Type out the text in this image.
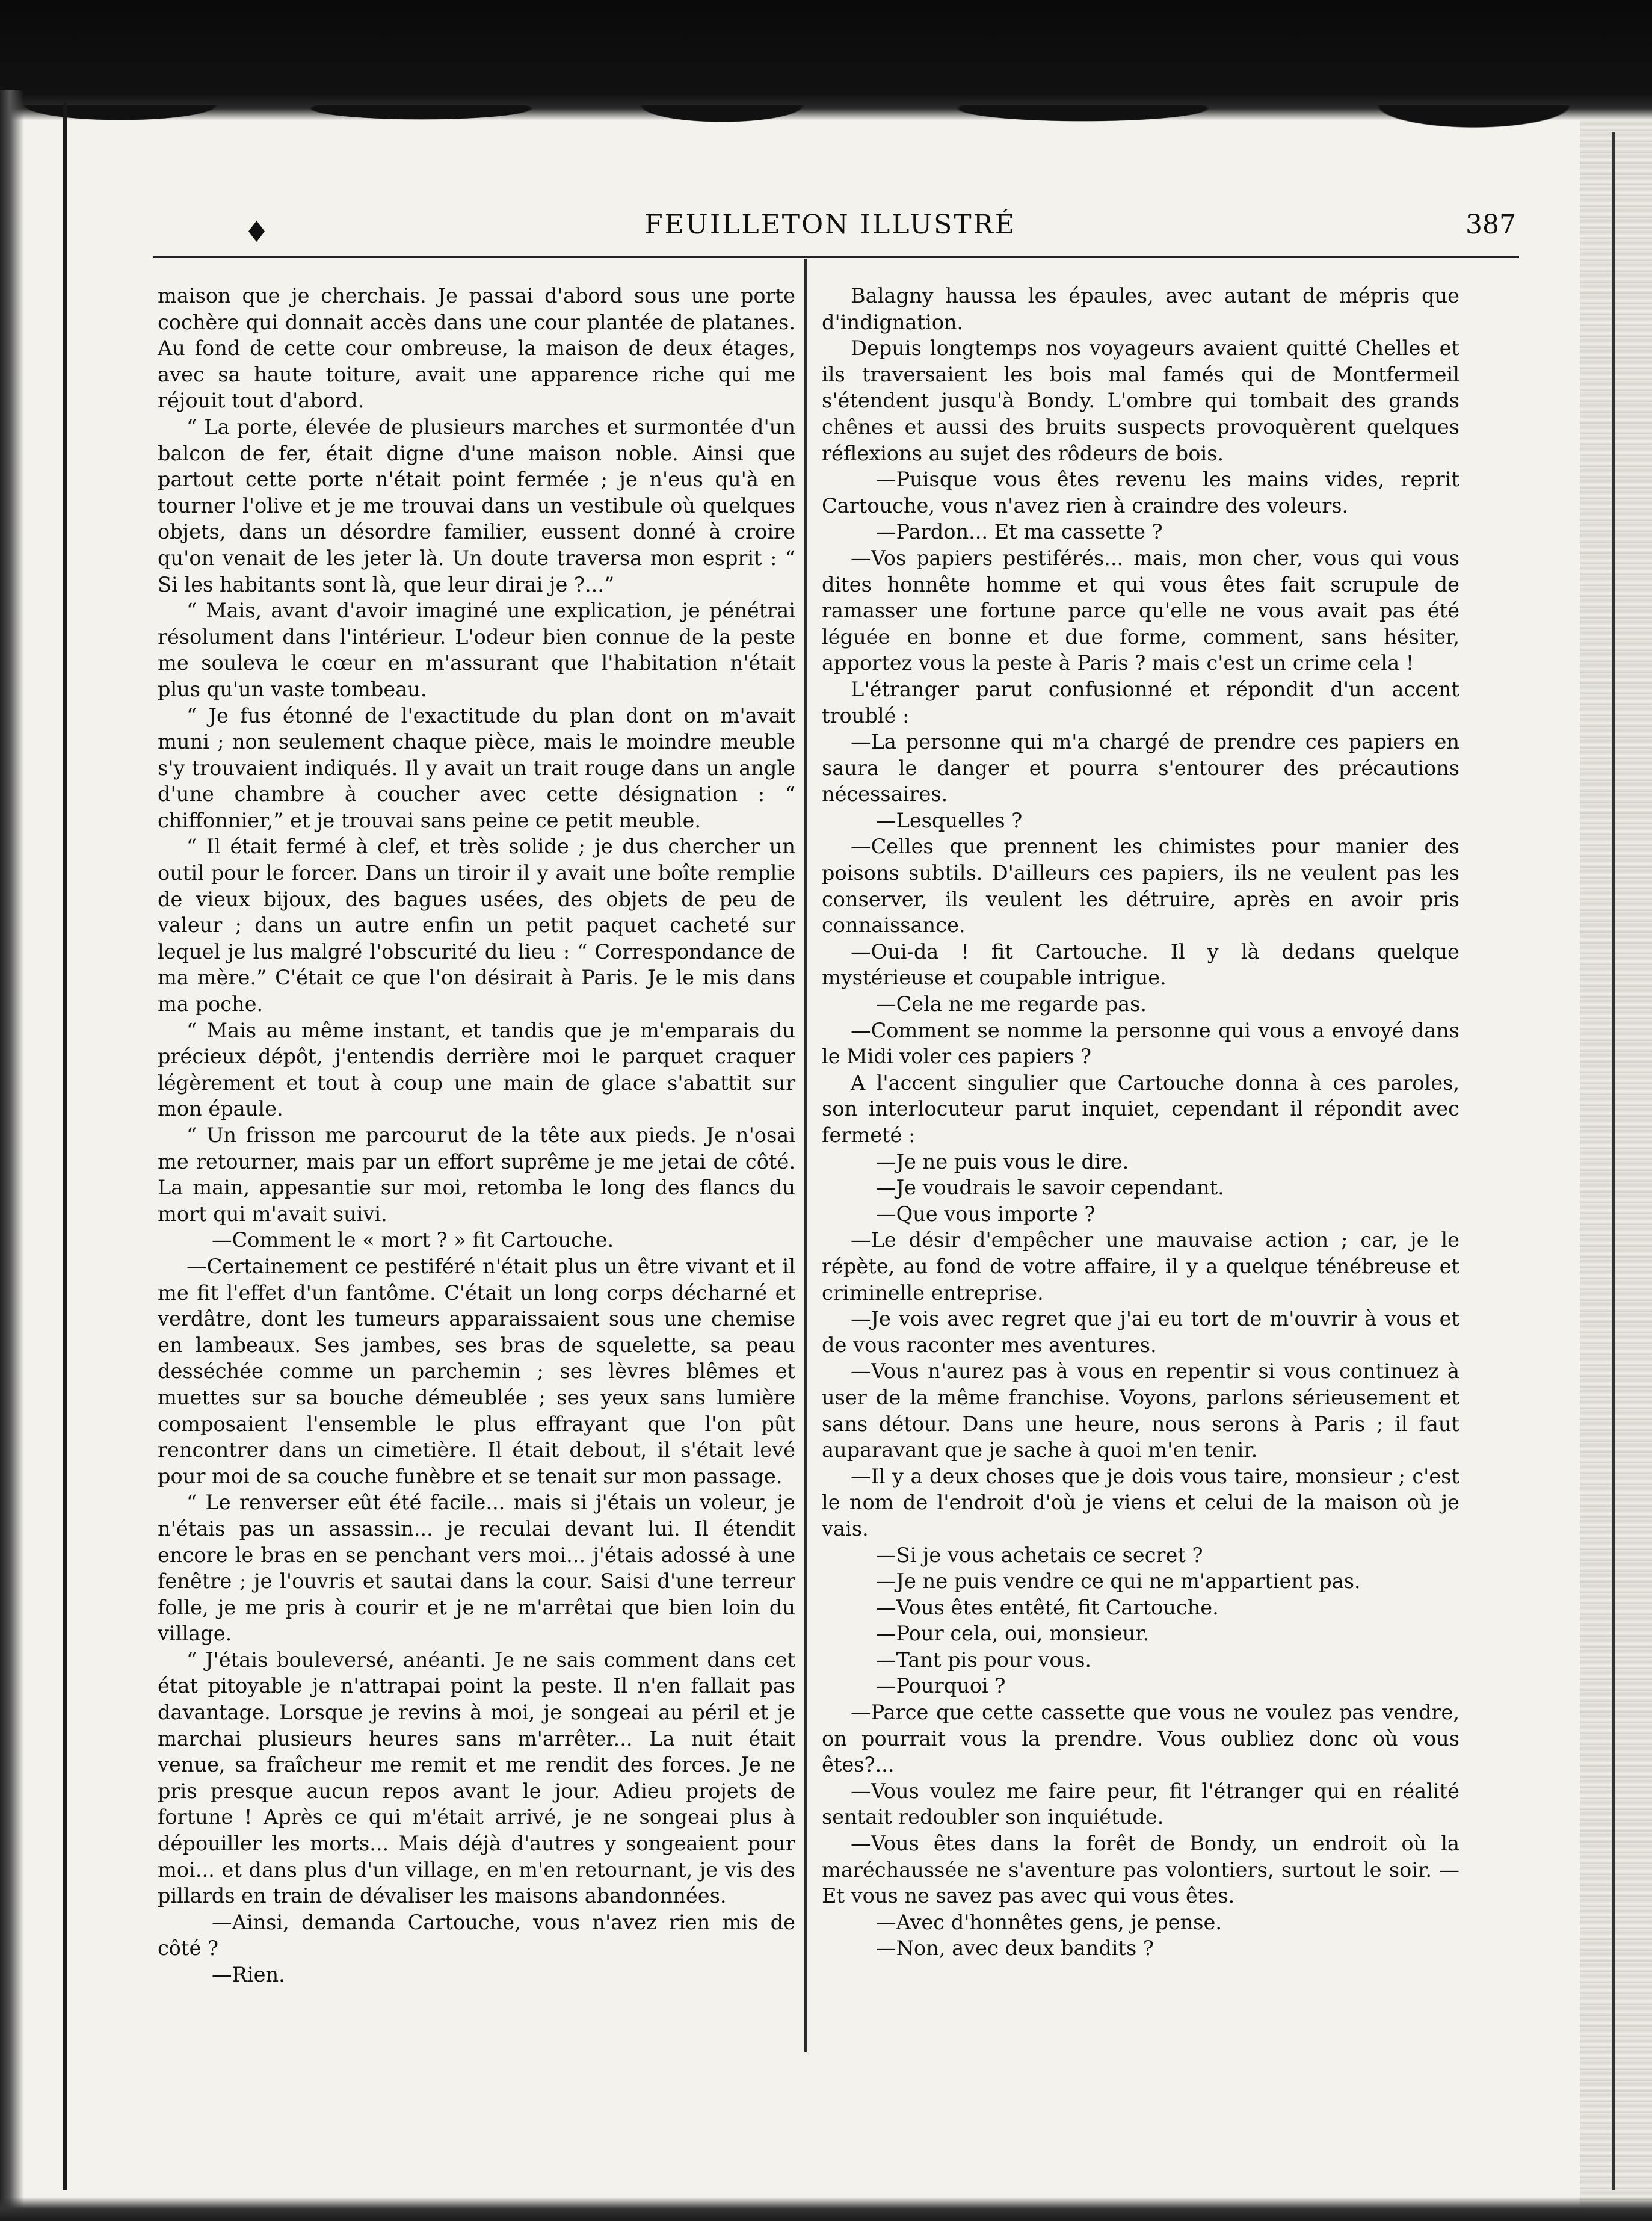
♦	FEUILLETON ILLUSTRÉ	387

maison que je cherchais. Je passai d'abord sous une porte cochère qui donnait accès dans une cour plantée de platanes. Au fond de cette cour ombreuse, la maison de deux étages, avec sa haute toiture, avait une apparence riche qui me réjouit tout d'abord.

“ La porte, élevée de plusieurs marches et surmontée d'un balcon de fer, était digne d'une maison noble. Ainsi que partout cette porte n'était point fermée ; je n'eus qu'à en tourner l'olive et je me trouvai dans un vestibule où quelques objets, dans un désordre familier, eussent donné à croire qu'on venait de les jeter là. Un doute traversa mon esprit : “ Si les habitants sont là, que leur dirai je ?...”

“ Mais, avant d'avoir imaginé une explication, je pénétrai résolument dans l'intérieur. L'odeur bien connue de la peste me souleva le cœur en m'assurant que l'habitation n'était plus qu'un vaste tombeau.

“ Je fus étonné de l'exactitude du plan dont on m'avait muni ; non seulement chaque pièce, mais le moindre meuble s'y trouvaient indiqués. Il y avait un trait rouge dans un angle d'une chambre à coucher avec cette désignation : “ chiffonnier,” et je trouvai sans peine ce petit meuble.

“ Il était fermé à clef, et très solide ; je dus chercher un outil pour le forcer. Dans un tiroir il y avait une boîte remplie de vieux bijoux, des bagues usées, des objets de peu de valeur ; dans un autre enfin un petit paquet cacheté sur lequel je lus malgré l'obscurité du lieu : “ Correspondance de ma mère.” C'était ce que l'on désirait à Paris. Je le mis dans ma poche.

“ Mais au même instant, et tandis que je m'emparais du précieux dépôt, j'entendis derrière moi le parquet craquer légèrement et tout à coup une main de glace s'abattit sur mon épaule.

“ Un frisson me parcourut de la tête aux pieds. Je n'osai me retourner, mais par un effort suprême je me jetai de côté. La main, appesantie sur moi, retomba le long des flancs du mort qui m'avait suivi.

—Comment le « mort ? » fit Cartouche.

—Certainement ce pestiféré n'était plus un être vivant et il me fit l'effet d'un fantôme. C'était un long corps décharné et verdâtre, dont les tumeurs apparaissaient sous une chemise en lambeaux. Ses jambes, ses bras de squelette, sa peau desséchée comme un parchemin ; ses lèvres blêmes et muettes sur sa bouche démeublée ; ses yeux sans lumière composaient l'ensemble le plus effrayant que l'on pût rencontrer dans un cimetière. Il était debout, il s'était levé pour moi de sa couche funèbre et se tenait sur mon passage.

“ Le renverser eût été facile... mais si j'étais un voleur, je n'étais pas un assassin... je reculai devant lui. Il étendit encore le bras en se penchant vers moi... j'étais adossé à une fenêtre ; je l'ouvris et sautai dans la cour. Saisi d'une terreur folle, je me pris à courir et je ne m'arrêtai que bien loin du village.

“ J'étais bouleversé, anéanti. Je ne sais comment dans cet état pitoyable je n'attrapai point la peste. Il n'en fallait pas davantage. Lorsque je revins à moi, je songeai au péril et je marchai plusieurs heures sans m'arrêter... La nuit était venue, sa fraîcheur me remit et me rendit des forces. Je ne pris presque aucun repos avant le jour. Adieu projets de fortune ! Après ce qui m'était arrivé, je ne songeai plus à dépouiller les morts... Mais déjà d'autres y songeaient pour moi... et dans plus d'un village, en m'en retournant, je vis des pillards en train de dévaliser les maisons abandonnées.

—Ainsi, demanda Cartouche, vous n'avez rien mis de côté ?

—Rien.

Balagny haussa les épaules, avec autant de mépris que d'indignation.

Depuis longtemps nos voyageurs avaient quitté Chelles et ils traversaient les bois mal famés qui de Montfermeil s'étendent jusqu'à Bondy. L'ombre qui tombait des grands chênes et aussi des bruits suspects provoquèrent quelques réflexions au sujet des rôdeurs de bois.

—Puisque vous êtes revenu les mains vides, reprit Cartouche, vous n'avez rien à craindre des voleurs.

—Pardon... Et ma cassette ?

—Vos papiers pestiférés... mais, mon cher, vous qui vous dites honnête homme et qui vous êtes fait scrupule de ramasser une fortune parce qu'elle ne vous avait pas été léguée en bonne et due forme, comment, sans hésiter, apportez vous la peste à Paris ? mais c'est un crime cela !

L'étranger parut confusionné et répondit d'un accent troublé :

—La personne qui m'a chargé de prendre ces papiers en saura le danger et pourra s'entourer des précautions nécessaires.

—Lesquelles ?

—Celles que prennent les chimistes pour manier des poisons subtils. D'ailleurs ces papiers, ils ne veulent pas les conserver, ils veulent les détruire, après en avoir pris connaissance.

—Oui-da ! fit Cartouche. Il y là dedans quelque mystérieuse et coupable intrigue.

—Cela ne me regarde pas.

—Comment se nomme la personne qui vous a envoyé dans le Midi voler ces papiers ?

A l'accent singulier que Cartouche donna à ces paroles, son interlocuteur parut inquiet, cependant il répondit avec fermeté :

—Je ne puis vous le dire.

—Je voudrais le savoir cependant.

—Que vous importe ?

—Le désir d'empêcher une mauvaise action ; car, je le répète, au fond de votre affaire, il y a quelque ténébreuse et criminelle entreprise.

—Je vois avec regret que j'ai eu tort de m'ouvrir à vous et de vous raconter mes aventures.

—Vous n'aurez pas à vous en repentir si vous continuez à user de la même franchise. Voyons, parlons sérieusement et sans détour. Dans une heure, nous serons à Paris ; il faut auparavant que je sache à quoi m'en tenir.

—Il y a deux choses que je dois vous taire, monsieur ; c'est le nom de l'endroit d'où je viens et celui de la maison où je vais.

—Si je vous achetais ce secret ?

—Je ne puis vendre ce qui ne m'appartient pas.

—Vous êtes entêté, fit Cartouche.

—Pour cela, oui, monsieur.

—Tant pis pour vous.

—Pourquoi ?

—Parce que cette cassette que vous ne voulez pas vendre, on pourrait vous la prendre. Vous oubliez donc où vous êtes?...

—Vous voulez me faire peur, fit l'étranger qui en réalité sentait redoubler son inquiétude.

—Vous êtes dans la forêt de Bondy, un endroit où la maréchaussée ne s'aventure pas volontiers, surtout le soir. — Et vous ne savez pas avec qui vous êtes.

—Avec d'honnêtes gens, je pense.

—Non, avec deux bandits ?
